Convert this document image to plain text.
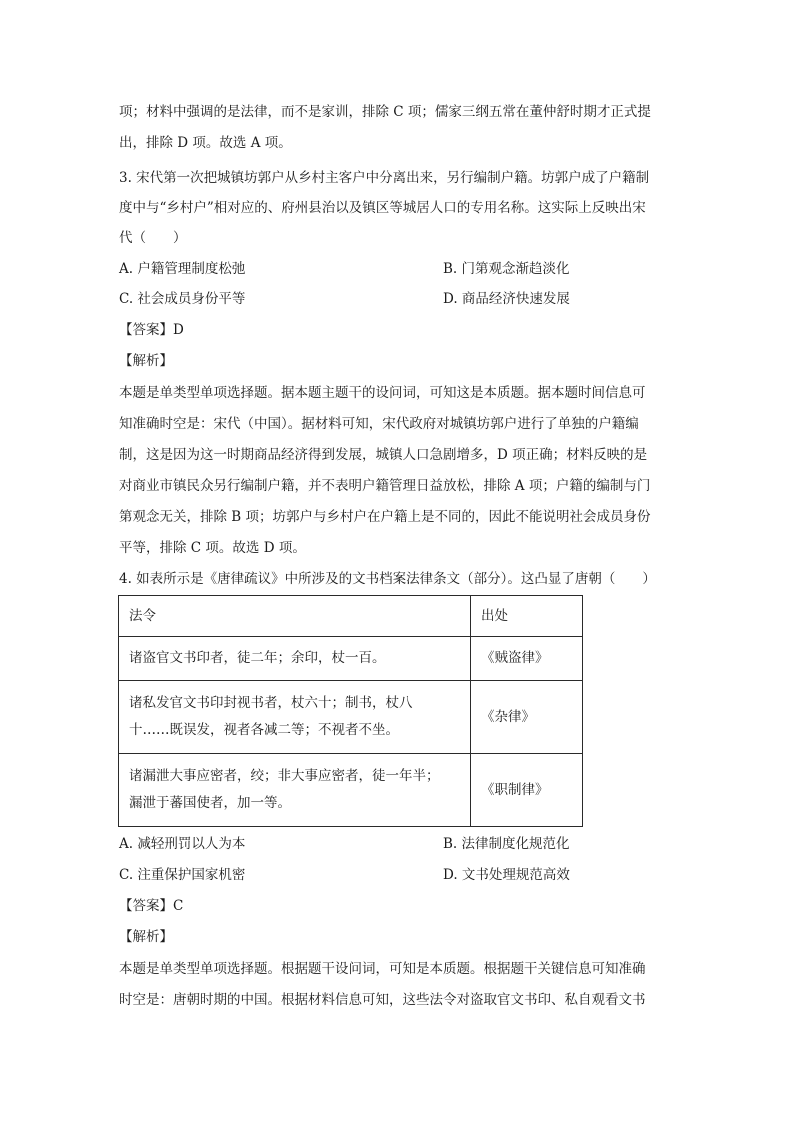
项；材料中强调的是法律，而不是家训，排除 C 项；儒家三纲五常在董仲舒时期才正式提
出，排除 D 项。故选 A 项。
3. 宋代第一次把城镇坊郭户从乡村主客户中分离出来，另行编制户籍。坊郭户成了户籍制
度中与“乡村户”相对应的、府州县治以及镇区等城居人口的专用名称。这实际上反映出宋
代（　　）
A. 户籍管理制度松弛	B. 门第观念渐趋淡化
C. 社会成员身份平等	D. 商品经济快速发展
【答案】D
【解析】
本题是单类型单项选择题。据本题主题干的设问词，可知这是本质题。据本题时间信息可
知准确时空是：宋代（中国）。据材料可知，宋代政府对城镇坊郭户进行了单独的户籍编
制，这是因为这一时期商品经济得到发展，城镇人口急剧增多，D 项正确；材料反映的是
对商业市镇民众另行编制户籍，并不表明户籍管理日益放松，排除 A 项；户籍的编制与门
第观念无关，排除 B 项；坊郭户与乡村户在户籍上是不同的，因此不能说明社会成员身份
平等，排除 C 项。故选 D 项。
4. 如表所示是《唐律疏议》中所涉及的文书档案法律条文（部分）。这凸显了唐朝（　　）
法令	出处

诸盗官文书印者，徒二年；余印，杖一百。	《贼盗律》

诸私发官文书印封视书者，杖六十；制书，杖八
十……既误发，视者各减二等；不视者不坐。	《杂律》

诸漏泄大事应密者，绞；非大事应密者，徒一年半；
漏泄于蕃国使者，加一等。	《职制律》
A. 减轻刑罚以人为本	B. 法律制度化规范化
C. 注重保护国家机密	D. 文书处理规范高效
【答案】C
【解析】
本题是单类型单项选择题。根据题干设问词，可知是本质题。根据题干关键信息可知准确
时空是：唐朝时期的中国。根据材料信息可知，这些法令对盗取官文书印、私自观看文书
